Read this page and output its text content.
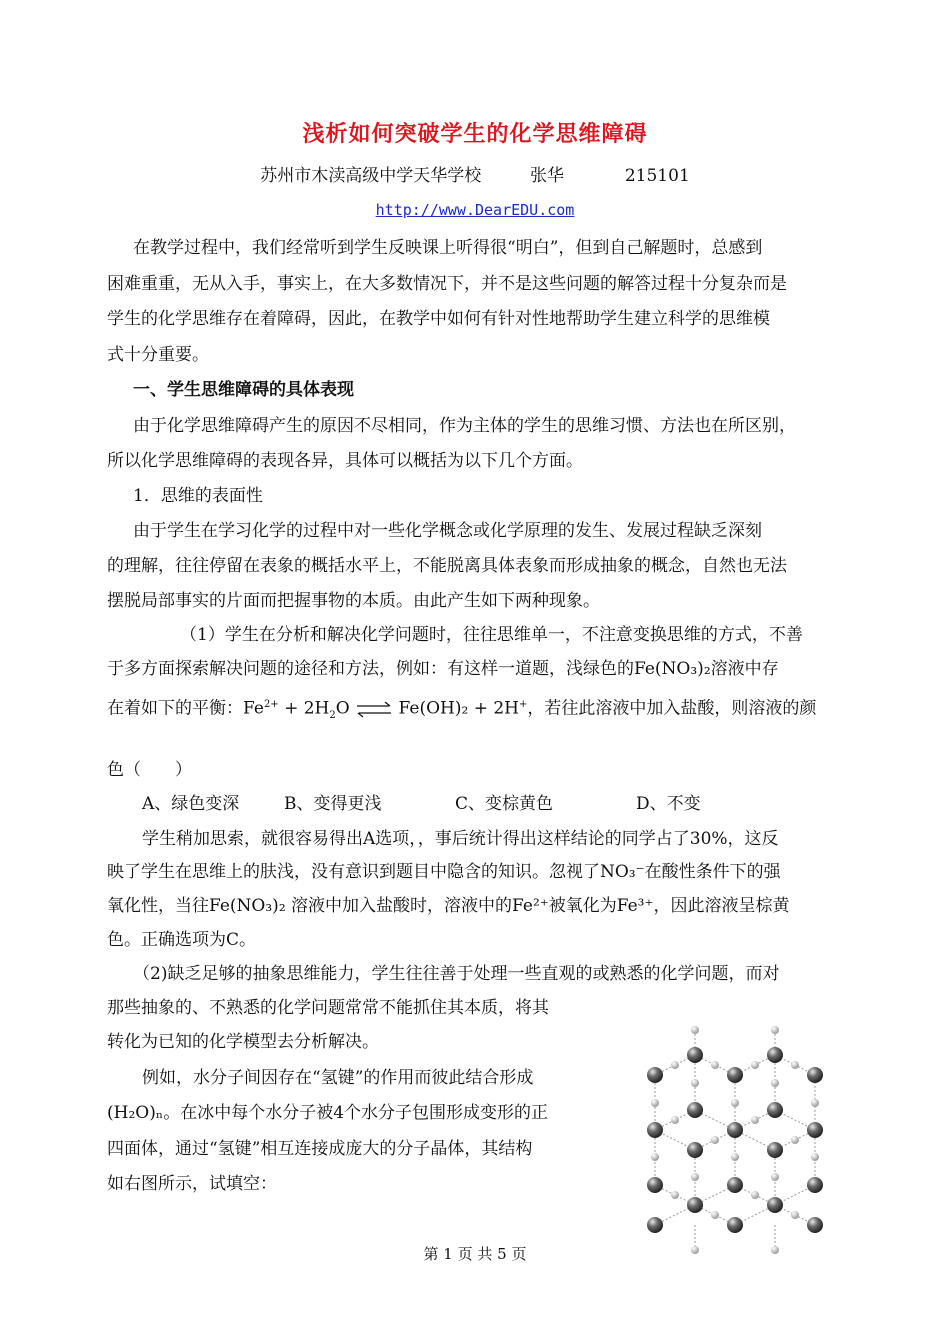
浅析如何突破学生的化学思维障碍
苏州市木渎高级中学天华学校	张华	215101
http://www.DearEDU.com
在教学过程中，我们经常听到学生反映课上听得很“明白”，但到自己解题时，总感到
困难重重，无从入手，事实上，在大多数情况下，并不是这些问题的解答过程十分复杂而是
学生的化学思维存在着障碍，因此，在教学中如何有针对性地帮助学生建立科学的思维模
式十分重要。
一、学生思维障碍的具体表现
由于化学思维障碍产生的原因不尽相同，作为主体的学生的思维习惯、方法也在所区别，
所以化学思维障碍的表现各异，具体可以概括为以下几个方面。
1．思维的表面性
由于学生在学习化学的过程中对一些化学概念或化学原理的发生、发展过程缺乏深刻
的理解，往往停留在表象的概括水平上，不能脱离具体表象而形成抽象的概念，自然也无法
摆脱局部事实的片面而把握事物的本质。由此产生如下两种现象。
（1）学生在分析和解决化学问题时，往往思维单一，不注意变换思维的方式，不善
于多方面探索解决问题的途径和方法，例如：有这样一道题，浅绿色的Fe(NO₃)₂溶液中存
在着如下的平衡：$Fe^{2+} + 2H_2O$ ⇌ Fe(OH)₂ + 2H+，若往此溶液中加入盐酸，则溶液的颜
色（　　）
A、绿色变深	B、变得更浅	C、变棕黄色	D、不变
学生稍加思索，就很容易得出A选项，，事后统计得出这样结论的同学占了30%，这反
映了学生在思维上的肤浅，没有意识到题目中隐含的知识。忽视了NO₃⁻在酸性条件下的强
氧化性，当往Fe(NO₃)₂ 溶液中加入盐酸时，溶液中的Fe²⁺被氧化为Fe³⁺，因此溶液呈棕黄
色。正确选项为C。
（2)缺乏足够的抽象思维能力，学生往往善于处理一些直观的或熟悉的化学问题，而对
那些抽象的、不熟悉的化学问题常常不能抓住其本质，将其
转化为已知的化学模型去分析解决。
例如，水分子间因存在“氢键”的作用而彼此结合形成
(H₂O)ₙ。在冰中每个水分子被4个水分子包围形成变形的正
四面体，通过“氢键”相互连接成庞大的分子晶体，其结构
如右图所示，试填空：
第 1 页 共 5 页
